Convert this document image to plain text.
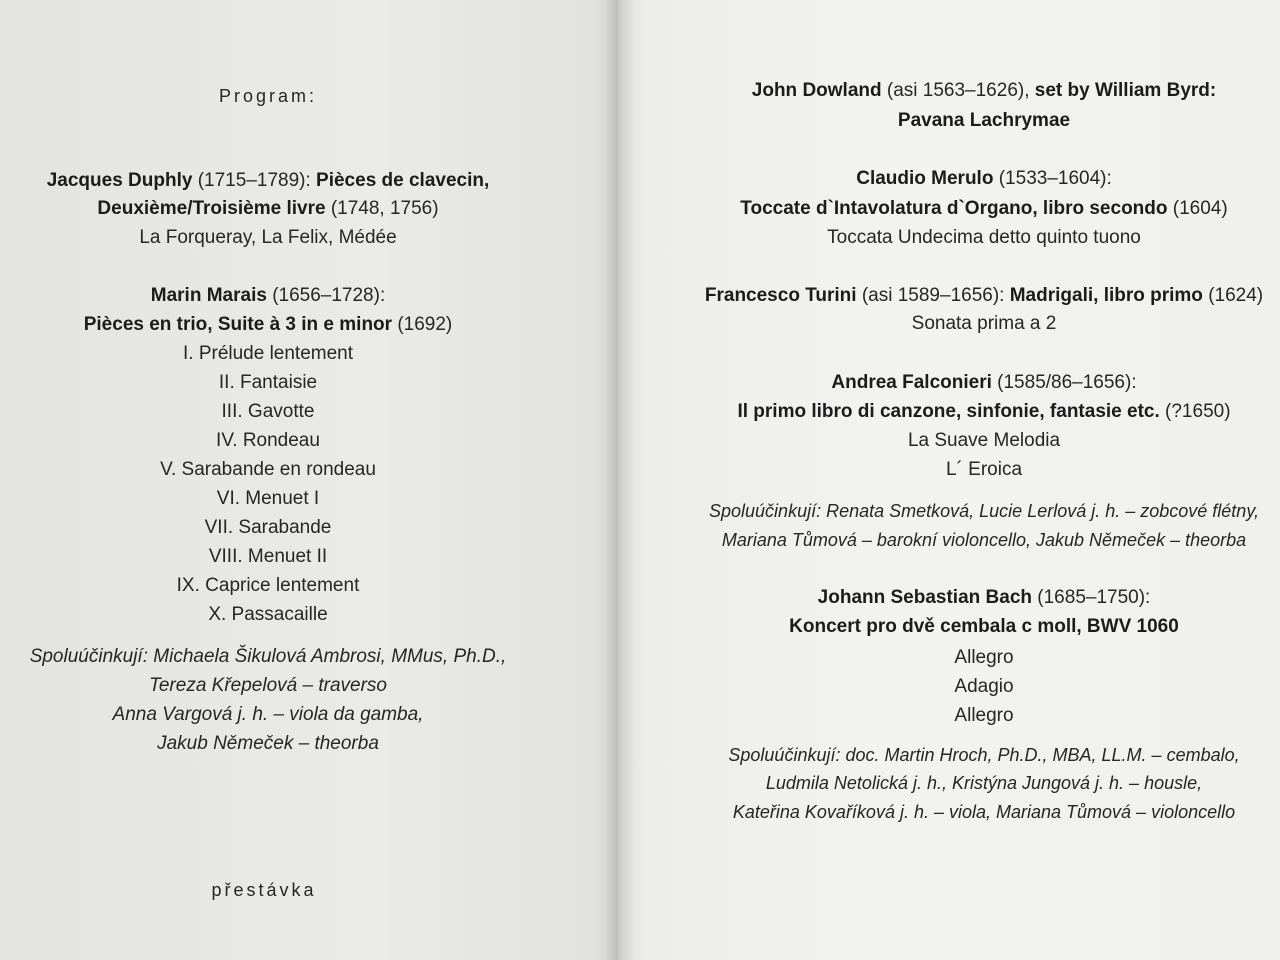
Program:
Jacques Duphly (1715–1789): Pièces de clavecin,
Deuxième/Troisième livre (1748, 1756)
La Forqueray, La Felix, Médée
Marin Marais (1656–1728):
Pièces en trio, Suite à 3 in e minor (1692)
I. Prélude lentement
II. Fantaisie
III. Gavotte
IV. Rondeau
V. Sarabande en rondeau
VI. Menuet I
VII. Sarabande
VIII. Menuet II
IX. Caprice lentement
X. Passacaille
Spoluúčinkují: Michaela Šikulová Ambrosi, MMus, Ph.D.,
Tereza Křepelová – traverso
Anna Vargová j. h. – viola da gamba,
Jakub Němeček – theorba
přestávka
John Dowland (asi 1563–1626), set by William Byrd:
Pavana Lachrymae
Claudio Merulo (1533–1604):
Toccate d`Intavolatura d`Organo, libro secondo (1604)
Toccata Undecima detto quinto tuono
Francesco Turini (asi 1589–1656): Madrigali, libro primo (1624)
Sonata prima a 2
Andrea Falconieri (1585/86–1656):
Il primo libro di canzone, sinfonie, fantasie etc. (?1650)
La Suave Melodia
L´ Eroica
Spoluúčinkují: Renata Smetková, Lucie Lerlová j. h. – zobcové flétny,
Mariana Tůmová – barokní violoncello, Jakub Němeček – theorba
Johann Sebastian Bach (1685–1750):
Koncert pro dvě cembala c moll, BWV 1060
Allegro
Adagio
Allegro
Spoluúčinkují: doc. Martin Hroch, Ph.D., MBA, LL.M. – cembalo,
Ludmila Netolická j. h., Kristýna Jungová j. h. – housle,
Kateřina Kovaříková j. h. – viola, Mariana Tůmová – violoncello
